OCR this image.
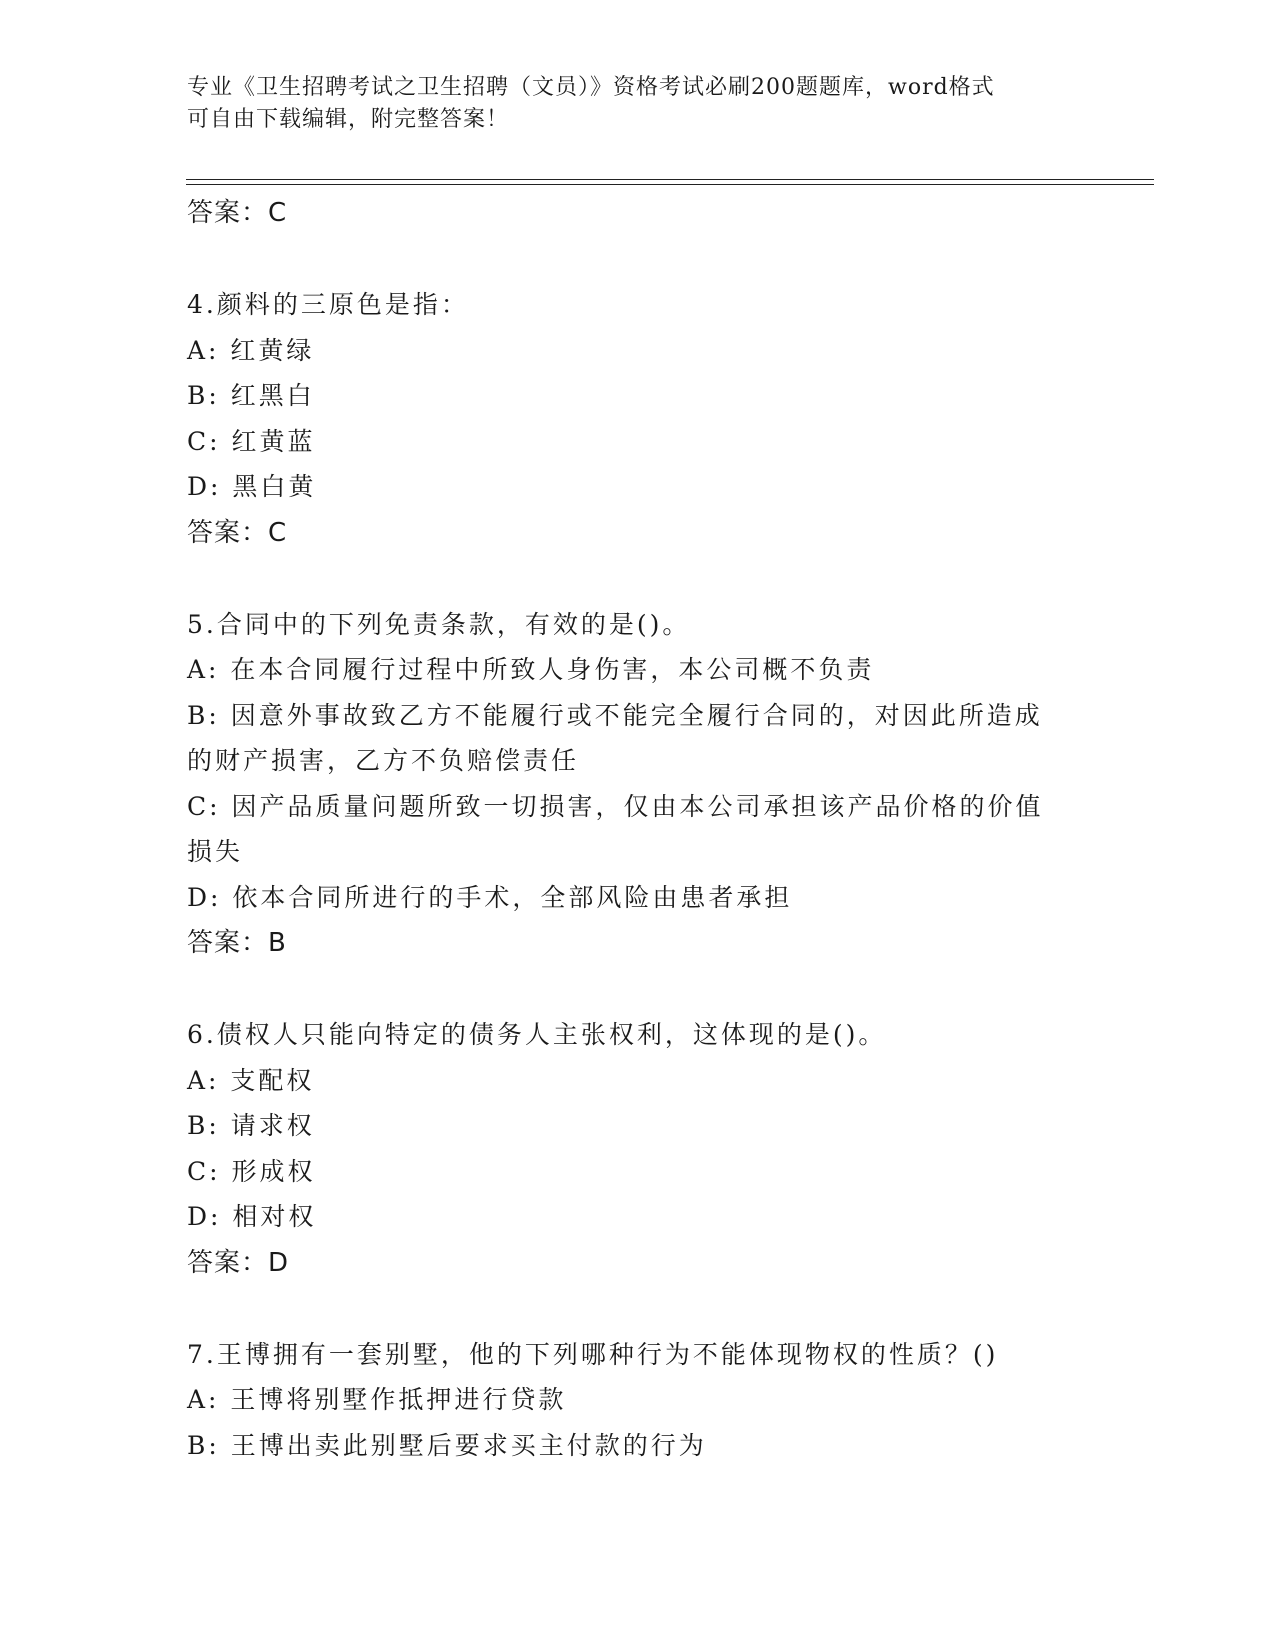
专业《卫生招聘考试之卫生招聘（文员）》资格考试必刷200题题库，word格式
可自由下载编辑，附完整答案！
答案：C
4.颜料的三原色是指：
A: 红黄绿
B: 红黑白
C: 红黄蓝
D: 黑白黄
答案：C
5.合同中的下列免责条款，有效的是()。
A: 在本合同履行过程中所致人身伤害，本公司概不负责
B: 因意外事故致乙方不能履行或不能完全履行合同的，对因此所造成
的财产损害，乙方不负赔偿责任
C: 因产品质量问题所致一切损害，仅由本公司承担该产品价格的价值
损失
D: 依本合同所进行的手术，全部风险由患者承担
答案：B
6.债权人只能向特定的债务人主张权利，这体现的是()。
A: 支配权
B: 请求权
C: 形成权
D: 相对权
答案：D
7.王博拥有一套别墅，他的下列哪种行为不能体现物权的性质？()
A: 王博将别墅作抵押进行贷款
B: 王博出卖此别墅后要求买主付款的行为
